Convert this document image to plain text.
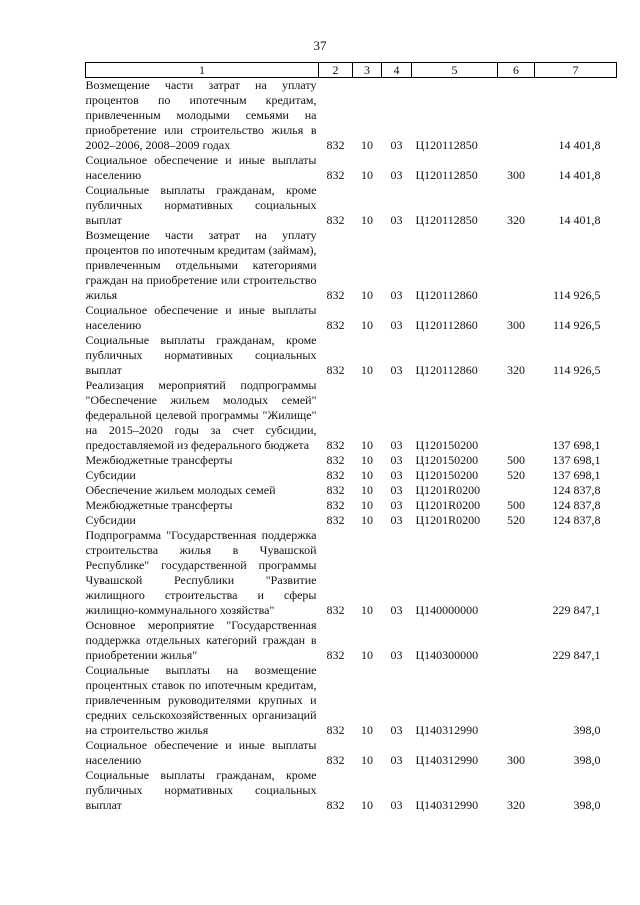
37
1	2	3	4	5	6	7
Возмещение части затрат на уплату процентов по ипотечным кредитам, привлеченным молодыми семьями на приобретение или строительство жилья в 2002–2006, 2008–2009 годах	832	10	03	Ц120112850		14 401,8
Социальное обеспечение и иные выплаты населению	832	10	03	Ц120112850	300	14 401,8
Социальные выплаты гражданам, кроме публичных нормативных социальных выплат	832	10	03	Ц120112850	320	14 401,8
Возмещение части затрат на уплату процентов по ипотечным кредитам (займам), привлеченным отдельными категориями граждан на приобретение или строительство жилья	832	10	03	Ц120112860		114 926,5
Социальное обеспечение и иные выплаты населению	832	10	03	Ц120112860	300	114 926,5
Социальные выплаты гражданам, кроме публичных нормативных социальных выплат	832	10	03	Ц120112860	320	114 926,5
Реализация мероприятий подпрограммы "Обеспечение жильем молодых семей" федеральной целевой программы "Жилище" на 2015–2020 годы за счет субсидии, предоставляемой из федерального бюджета	832	10	03	Ц120150200		137 698,1
Межбюджетные трансферты	832	10	03	Ц120150200	500	137 698,1
Субсидии	832	10	03	Ц120150200	520	137 698,1
Обеспечение жильем молодых семей	832	10	03	Ц1201R0200		124 837,8
Межбюджетные трансферты	832	10	03	Ц1201R0200	500	124 837,8
Субсидии	832	10	03	Ц1201R0200	520	124 837,8
Подпрограмма "Государственная поддержка строительства жилья в Чувашской Республике" государственной программы Чувашской Республики "Развитие жилищного строительства и сферы жилищно-коммунального хозяйства"	832	10	03	Ц140000000		229 847,1
Основное мероприятие "Государственная поддержка отдельных категорий граждан в приобретении жилья"	832	10	03	Ц140300000		229 847,1
Социальные выплаты на возмещение процентных ставок по ипотечным кредитам, привлеченным руководителями крупных и средних сельскохозяйственных организаций на строительство жилья	832	10	03	Ц140312990		398,0
Социальное обеспечение и иные выплаты населению	832	10	03	Ц140312990	300	398,0
Социальные выплаты гражданам, кроме публичных нормативных социальных выплат	832	10	03	Ц140312990	320	398,0
